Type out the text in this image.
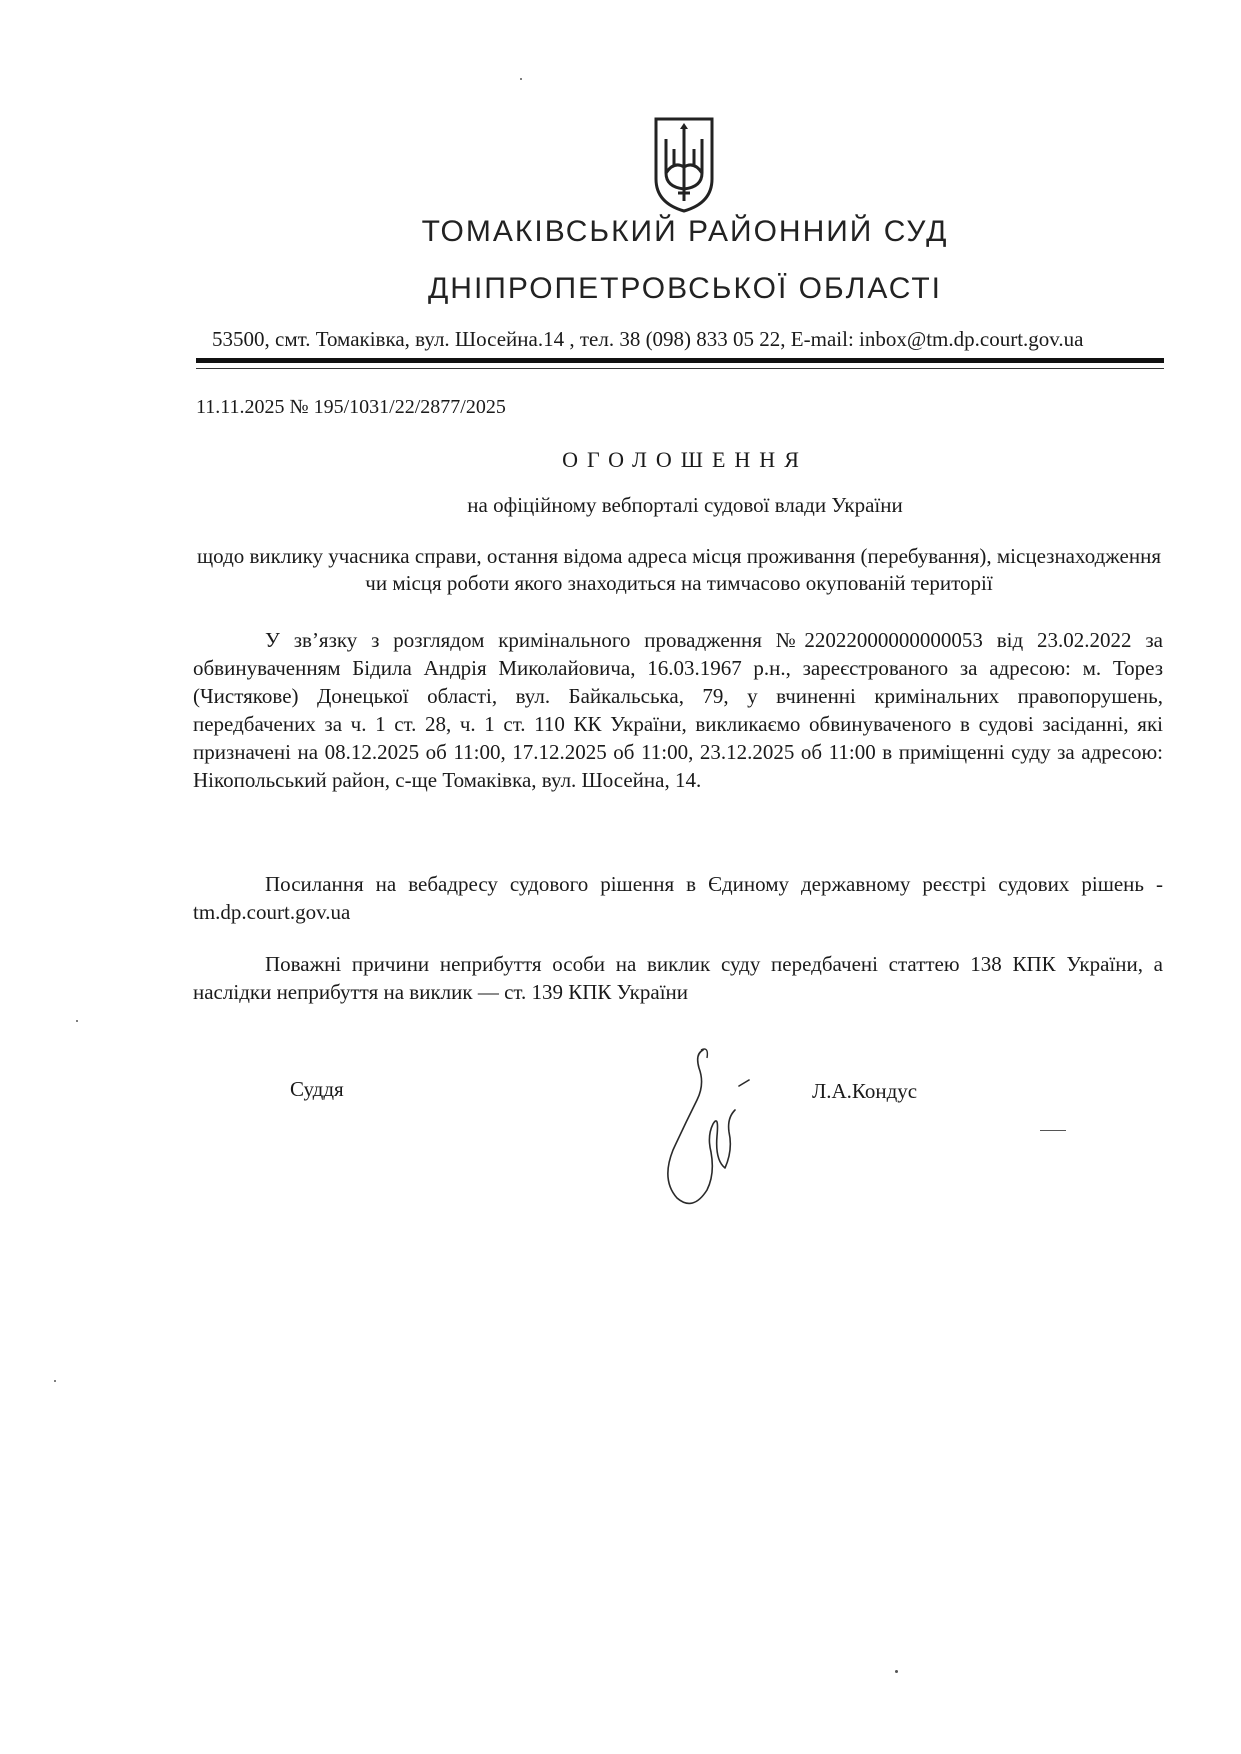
ТОМАКІВСЬКИЙ РАЙОННИЙ СУД
ДНІПРОПЕТРОВСЬКОЇ ОБЛАСТІ
53500, смт. Томаківка, вул. Шосейна.14 , тел. 38 (098) 833 05 22, E-mail: inbox@tm.dp.court.gov.ua
11.11.2025 № 195/1031/22/2877/2025
ОГОЛОШЕННЯ
на офіційному вебпорталі судової влади України
щодо виклику учасника справи, остання відома адреса місця проживання (перебування), місцезнаходження чи місця роботи якого знаходиться на тимчасово окупованій території
У зв’язку з розглядом кримінального провадження №22022000000000053 від 23.02.2022 за обвинуваченням Бідила Андрія Миколайовича, 16.03.1967 р.н., зареєстрованого за адресою: м. Торез (Чистякове) Донецької області, вул. Байкальська, 79, у вчиненні кримінальних правопорушень, передбачених за ч. 1 ст. 28, ч. 1 ст. 110 КК України, викликаємо обвинуваченого в судові засіданні, які призначені на 08.12.2025 об 11:00, 17.12.2025 об 11:00, 23.12.2025 об 11:00 в приміщенні суду за адресою: Нікопольський район, с-ще Томаківка, вул. Шосейна, 14.
Посилання на вебадресу судового рішення в Єдиному державному реєстрі судових рішень - tm.dp.court.gov.ua
Поважні причини неприбуття особи на виклик суду передбачені статтею 138 КПК України, а наслідки неприбуття на виклик — ст. 139 КПК України
Суддя	Л.А.Кондус
